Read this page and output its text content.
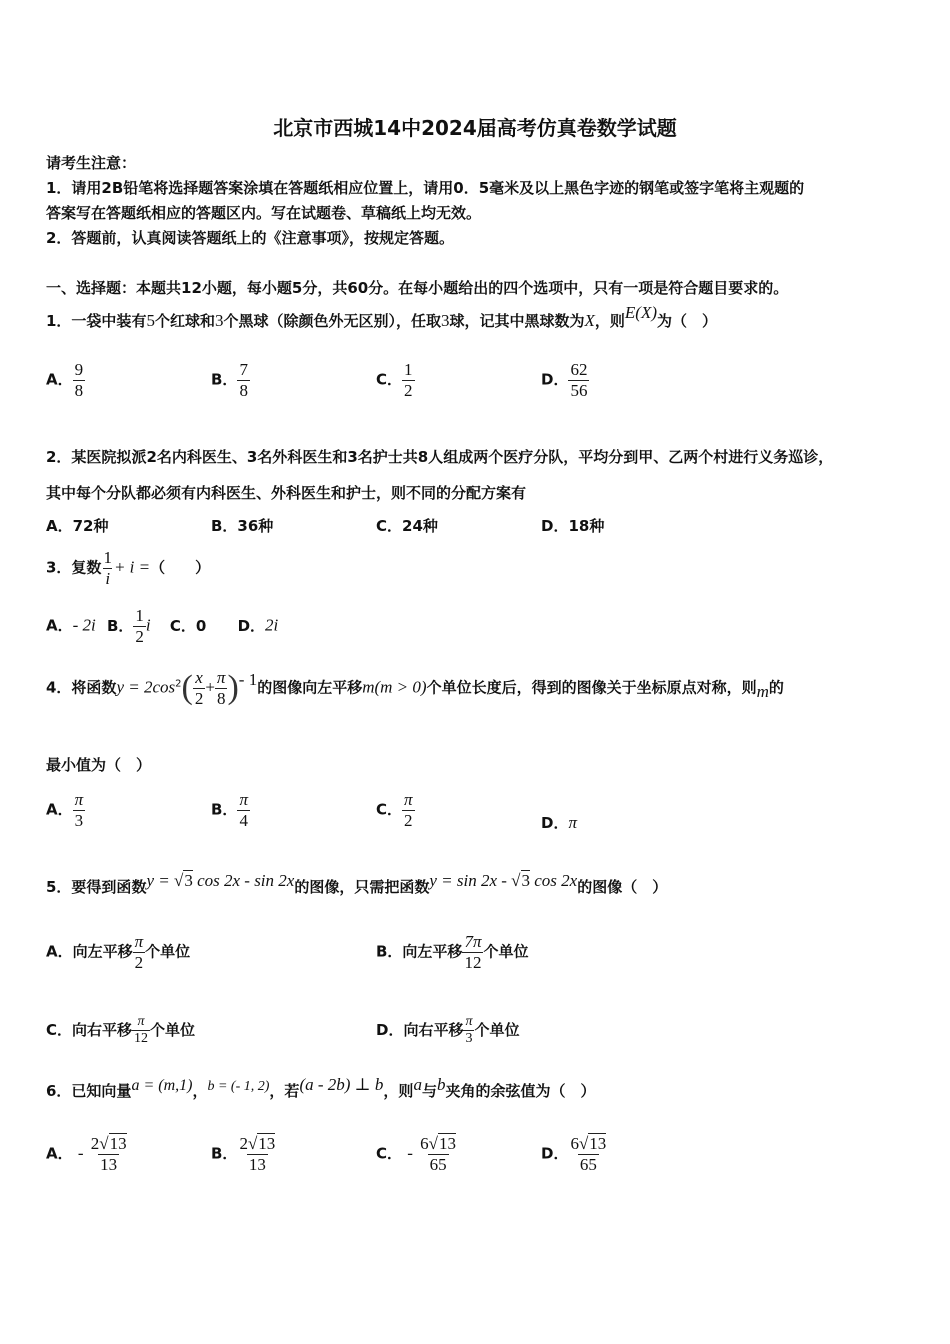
北京市西城14中2024届高考仿真卷数学试题
请考生注意：
1．请用2B铅笔将选择题答案涂填在答题纸相应位置上，请用0．5毫米及以上黑色字迹的钢笔或签字笔将主观题的
答案写在答题纸相应的答题区内。写在试题卷、草稿纸上均无效。
2．答题前，认真阅读答题纸上的《注意事项》，按规定答题。
一、选择题：本题共12小题，每小题5分，共60分。在每小题给出的四个选项中，只有一项是符合题目要求的。
1．一袋中装有5个红球和3个黑球（除颜色外无区别），任取3球，记其中黑球数为X，则E(X)为（　）
A． $\frac{9}{8}$	B． $\frac{7}{8}$	C． $\frac{1}{2}$	D． $\frac{62}{56}$
2．某医院拟派2名内科医生、3名外科医生和3名护士共8人组成两个医疗分队，平均分到甲、乙两个村进行义务巡诊，
其中每个分队都必须有内科医生、外科医生和护士，则不同的分配方案有
A．72种	B．36种	C．24种	D．18种
3．复数 $\frac{1}{i} + i$ =（　　）
A．- 2i B． $\frac{1}{2}$ i C．0 D．2i
4．将函数$y = 2\cos^2( \frac{x}{2} + \frac{\pi}{8}$ )- 1的图像向左平移m(m > 0)个单位长度后，得到的图像关于坐标原点对称，则m的
最小值为（　）
A． $\frac{\pi}{3}$	B． $\frac{\pi}{4}$	C． $\frac{\pi}{2}$	D．π
5．要得到函数y = √3 cos 2x - sin 2x的图像，只需把函数y = sin 2x - √3 cos 2x的图像（　）
A．向左平移 $\frac{\pi}{2}$ 个单位	B．向左平移 $\frac{7\pi}{12}$ 个单位
C．向右平移 $\frac{\pi}{12}$ 个单位	D．向右平移 $\frac{\pi}{3}$ 个单位
6．已知向量a = (m,1)，b = (- 1, 2)，若(a - 2b) ⊥ b，则a与b夹角的余弦值为（　）
A． - $\frac{2√13}{13}$	B． $\frac{2√13}{13}$	C． - $\frac{6√13}{65}$	D． $\frac{6√13}{65}$
